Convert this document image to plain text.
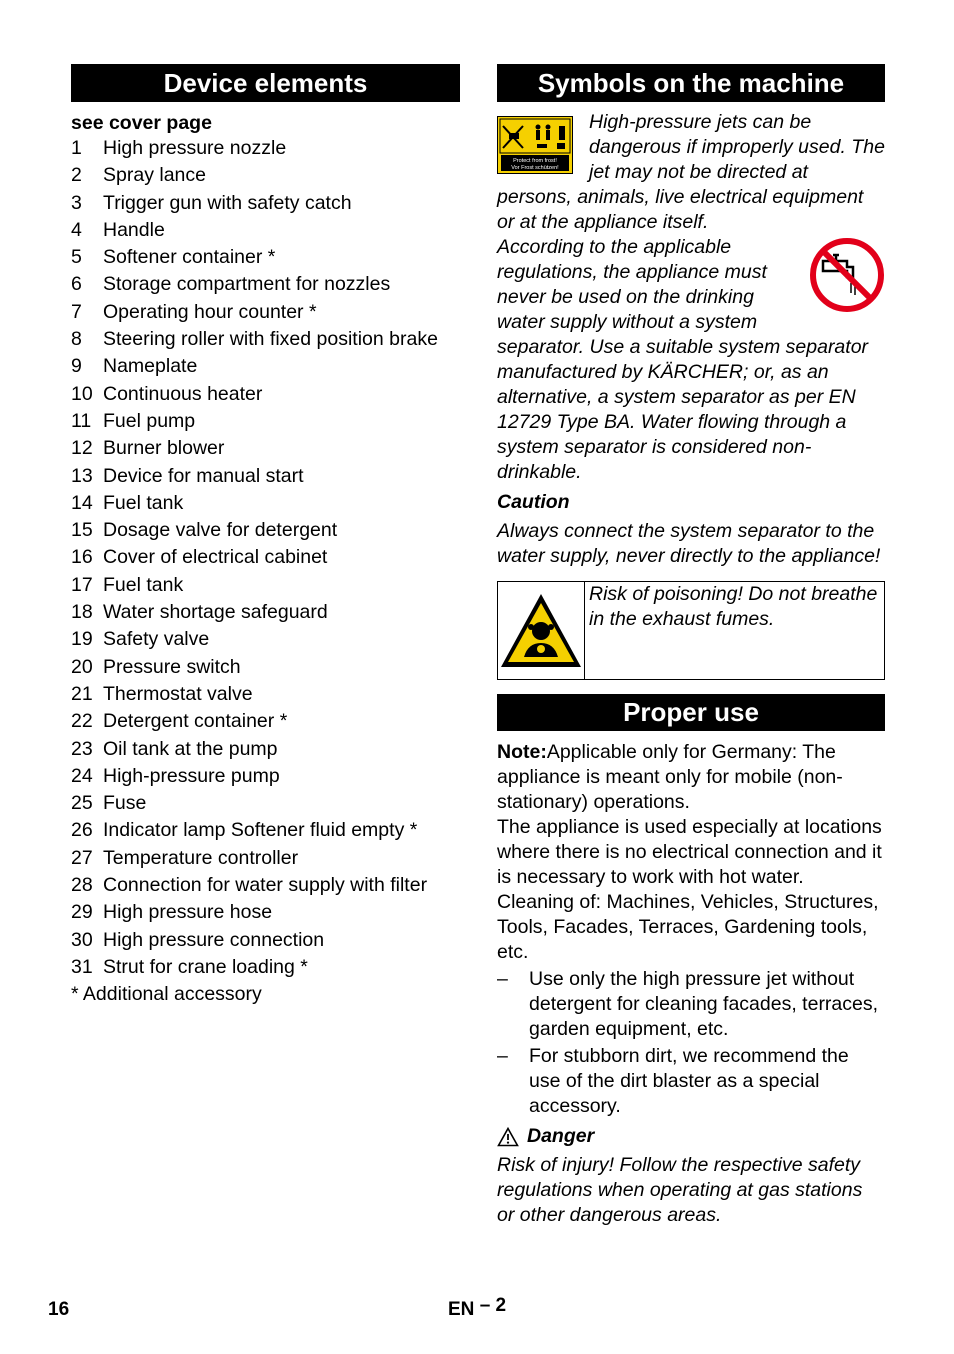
Device elements
see cover page
1 High pressure nozzle
2 Spray lance
3 Trigger gun with safety catch
4 Handle
5 Softener container *
6 Storage compartment for nozzles
7 Operating hour counter *
8 Steering roller with fixed position brake
9 Nameplate
10 Continuous heater
11 Fuel pump
12 Burner blower
13 Device for manual start
14 Fuel tank
15 Dosage valve for detergent
16 Cover of electrical cabinet
17 Fuel tank
18 Water shortage safeguard
19 Safety valve
20 Pressure switch
21 Thermostat valve
22 Detergent container *
23 Oil tank at the pump
24 High-pressure pump
25 Fuse
26 Indicator lamp Softener fluid empty *
27 Temperature controller
28 Connection for water supply with filter
29 High pressure hose
30 High pressure connection
31 Strut for crane loading *
* Additional accessory
Symbols on the machine
Protect from frost!
Vor Frost schützen!

High-pressure jets can be dangerous if improperly used. The jet may not be directed at persons, animals, live electrical equipment or at the appliance itself.

According to the applicable regulations, the appliance must never be used on the drinking water supply without a system separator. Use a suitable system separator manufactured by KÄRCHER; or, as an alternative, a system separator as per EN 12729 Type BA. Water flowing through a system separator is considered non-drinkable.

Caution
Always connect the system separator to the water supply, never directly to the appliance!
Risk of poisoning! Do not breathe in the exhaust fumes.
Proper use
Note:Applicable only for Germany: The appliance is meant only for mobile (non-stationary) operations.
The appliance is used especially at locations where there is no electrical connection and it is necessary to work with hot water.
Cleaning of: Machines, Vehicles, Structures, Tools, Facades, Terraces, Gardening tools, etc.
– Use only the high pressure jet without detergent for cleaning facades, terraces, garden equipment, etc.
– For stubborn dirt, we recommend the use of the dirt blaster as a special accessory.
Danger
Risk of injury! Follow the respective safety regulations when operating at gas stations or other dangerous areas.
16	EN – 2
